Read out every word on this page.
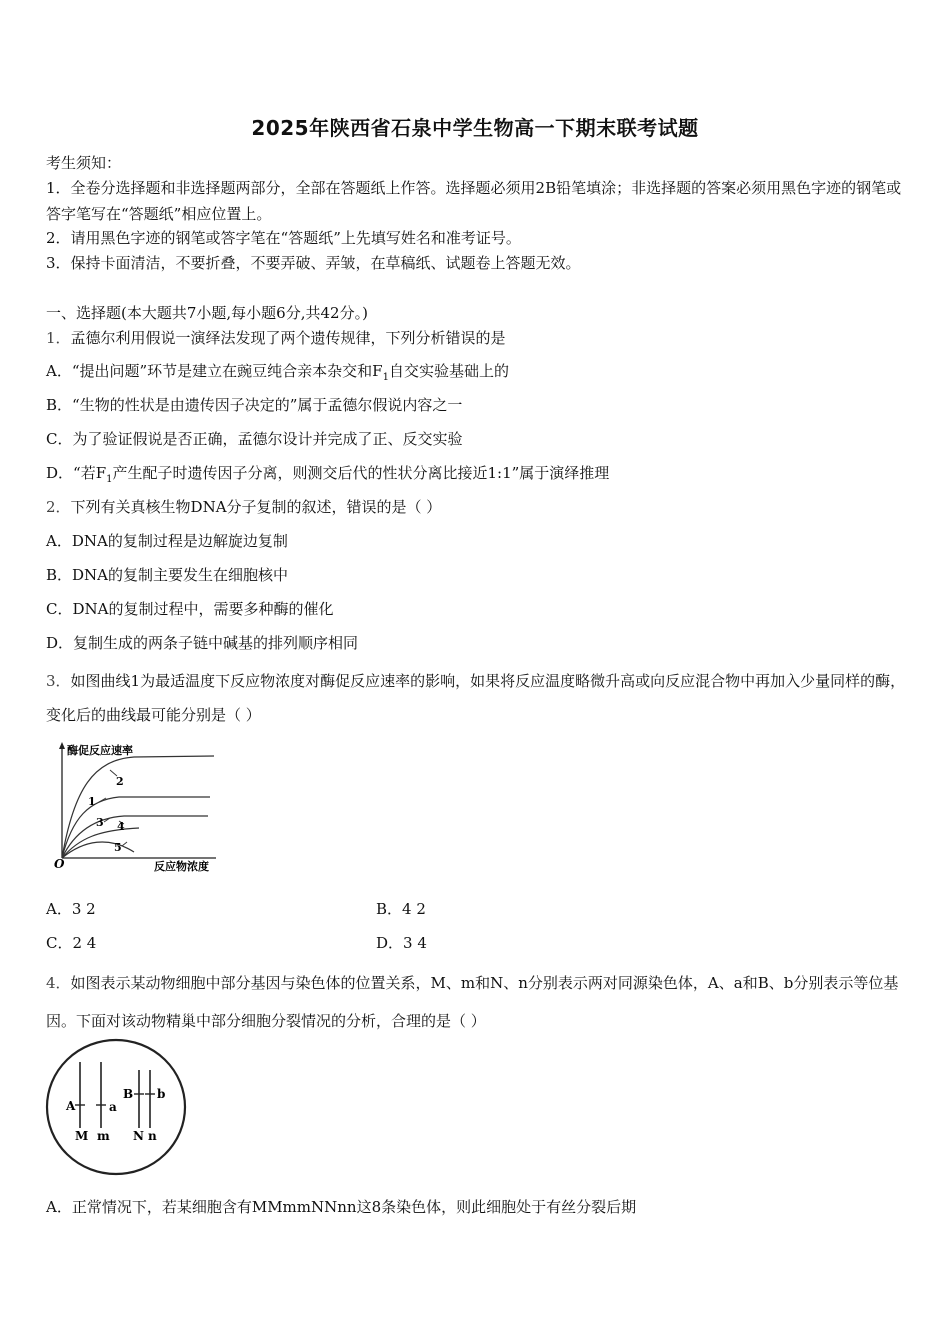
2025年陕西省石泉中学生物高一下期末联考试题
考生须知：
1．全卷分选择题和非选择题两部分，全部在答题纸上作答。选择题必须用2B铅笔填涂；非选择题的答案必须用黑色字迹的钢笔或答字笔写在“答题纸”相应位置上。
2．请用黑色字迹的钢笔或答字笔在“答题纸”上先填写姓名和准考证号。
3．保持卡面清洁，不要折叠，不要弄破、弄皱，在草稿纸、试题卷上答题无效。
一、选择题(本大题共7小题,每小题6分,共42分。)
1．孟德尔利用假说一演绎法发现了两个遗传规律，下列分析错误的是
A．“提出问题”环节是建立在豌豆纯合亲本杂交和$F_1$自交实验基础上的
B．“生物的性状是由遗传因子决定的”属于孟德尔假说内容之一
C．为了验证假说是否正确，孟德尔设计并完成了正、反交实验
D．“若$F_1$产生配子时遗传因子分离，则测交后代的性状分离比接近1:1”属于演绎推理
2．下列有关真核生物DNA分子复制的叙述，错误的是（ ）
A．DNA的复制过程是边解旋边复制
B．DNA的复制主要发生在细胞核中
C．DNA的复制过程中，需要多种酶的催化
D．复制生成的两条子链中碱基的排列顺序相同
3．如图曲线1为最适温度下反应物浓度对酶促反应速率的影响，如果将反应温度略微升高或向反应混合物中再加入少量同样的酶，变化后的曲线最可能分别是（ ）
酶促反应速率
反应物浓度
O
1
2
3 4
5
A．3 2	B．4 2
C．2 4	D．3 4
4．如图表示某动物细胞中部分基因与染色体的位置关系，M、m和N、n分别表示两对同源染色体，A、a和B、b分别表示等位基因。下面对该动物精巢中部分细胞分裂情况的分析，合理的是（ ）
A	a
B b
M m N n
A．正常情况下，若某细胞含有MMmmNNnn这8条染色体，则此细胞处于有丝分裂后期
